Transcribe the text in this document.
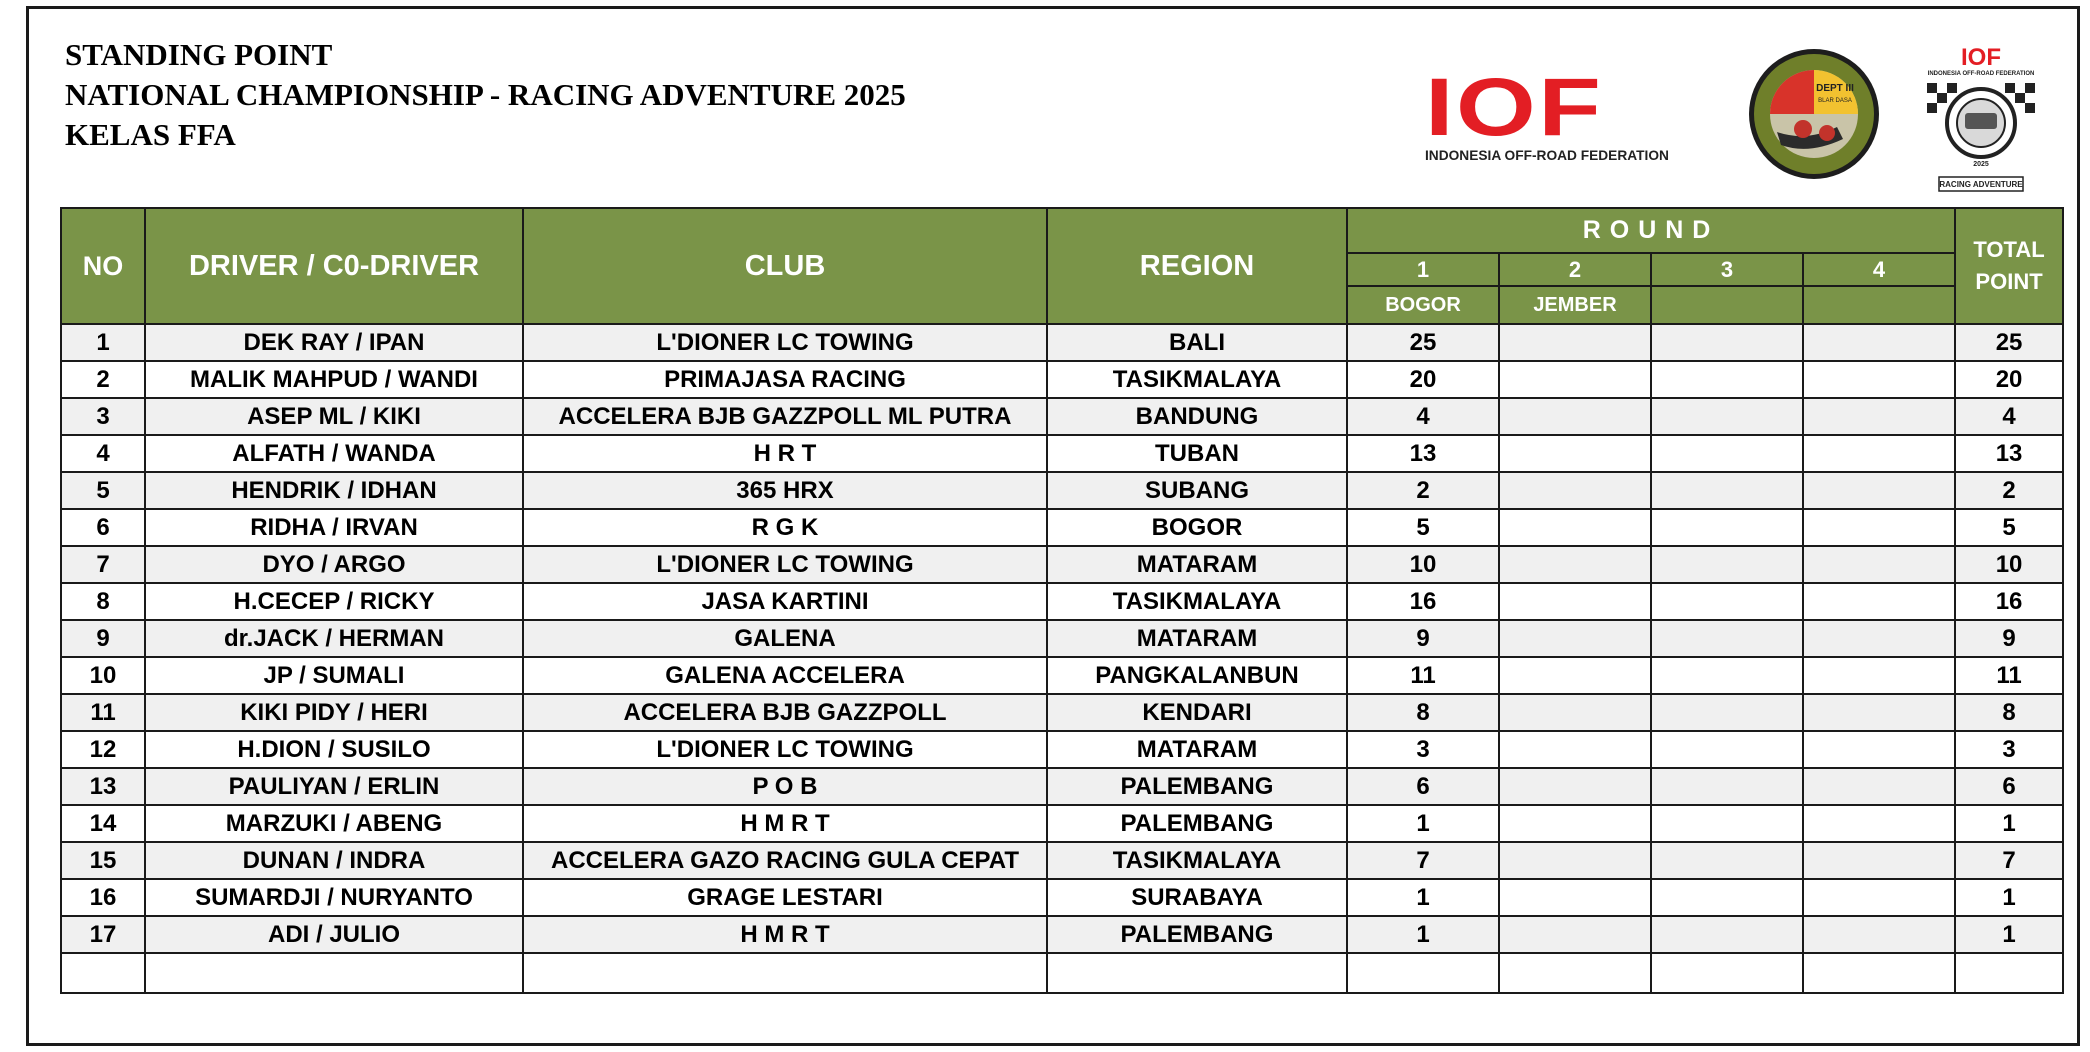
STANDING POINT
NATIONAL CHAMPIONSHIP - RACING ADVENTURE 2025
KELAS FFA	IOF
INDONESIA OFF-ROAD FEDERATION
DEPT III
BLAR DASA
IOF
INDONESIA OFF-ROAD FEDERATION
2025
RACING ADVENTURE
NO	DRIVER / C0-DRIVER	CLUB	REGION	ROUND				TOTAL POINT

				1	2	3	4	
				BOGOR	JEMBER			
1	DEK RAY / IPAN	L'DIONER LC TOWING	BALI	25				25
2	MALIK MAHPUD / WANDI	PRIMAJASA RACING	TASIKMALAYA	20				20
3	ASEP ML / KIKI	ACCELERA BJB GAZZPOLL ML PUTRA	BANDUNG	4				4
4	ALFATH / WANDA	H R T	TUBAN	13				13
5	HENDRIK / IDHAN	365 HRX	SUBANG	2				2
6	RIDHA / IRVAN	R G K	BOGOR	5				5
7	DYO / ARGO	L'DIONER LC TOWING	MATARAM	10				10
8	H.CECEP / RICKY	JASA KARTINI	TASIKMALAYA	16				16
9	dr.JACK / HERMAN	GALENA	MATARAM	9				9
10	JP / SUMALI	GALENA ACCELERA	PANGKALANBUN	11				11
11	KIKI PIDY / HERI	ACCELERA BJB GAZZPOLL	KENDARI	8				8
12	H.DION / SUSILO	L'DIONER LC TOWING	MATARAM	3				3
13	PAULIYAN / ERLIN	P O B	PALEMBANG	6				6
14	MARZUKI / ABENG	H M R T	PALEMBANG	1				1
15	DUNAN / INDRA	ACCELERA GAZO RACING GULA CEPAT	TASIKMALAYA	7				7
16	SUMARDJI / NURYANTO	GRAGE LESTARI	SURABAYA	1				1
17	ADI / JULIO	H M R T	PALEMBANG	1				1
